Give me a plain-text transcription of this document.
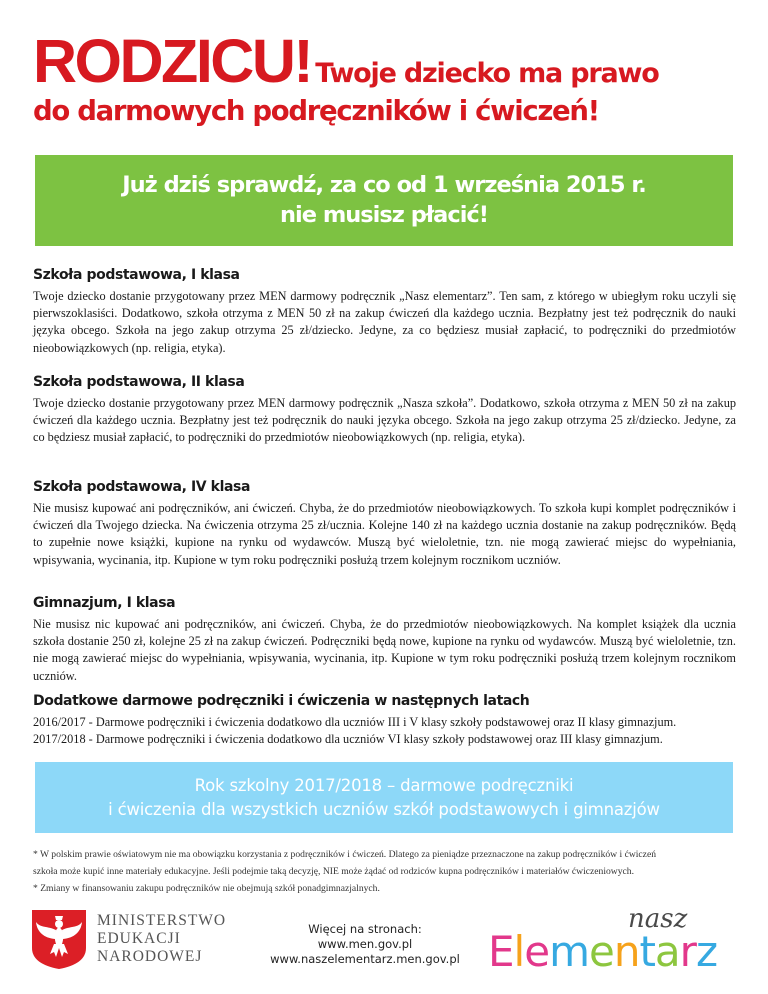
RODZICU! Twoje dziecko ma prawo
do darmowych podręczników i ćwiczeń!
Już dziś sprawdź, za co od 1 września 2015 r.
nie musisz płacić!
Szkoła podstawowa, I klasa
Twoje dziecko dostanie przygotowany przez MEN darmowy podręcznik „Nasz elementarz”. Ten sam, z którego w ubiegłym roku uczyli się pierwszoklasiści. Dodatkowo, szkoła otrzyma z MEN 50 zł na zakup ćwiczeń dla każdego ucznia. Bezpłatny jest też podręcznik do nauki języka obcego. Szkoła na jego zakup otrzyma 25 zł/dziecko. Jedyne, za co będziesz musiał zapłacić, to podręczniki do przedmiotów nieobowiązkowych (np. religia, etyka).
Szkoła podstawowa, II klasa
Twoje dziecko dostanie przygotowany przez MEN darmowy podręcznik „Nasza szkoła”. Dodatkowo, szkoła otrzyma z MEN 50 zł na zakup ćwiczeń dla każdego ucznia. Bezpłatny jest też podręcznik do nauki języka obcego. Szkoła na jego zakup otrzyma 25 zł/dziecko. Jedyne, za co będziesz musiał zapłacić, to podręczniki do przedmiotów nieobowiązkowych (np. religia, etyka).
Szkoła podstawowa, IV klasa
Nie musisz kupować ani podręczników, ani ćwiczeń. Chyba, że do przedmiotów nieobowiązkowych. To szkoła kupi komplet podręczników i ćwiczeń dla Twojego dziecka. Na ćwiczenia otrzyma 25 zł/ucznia. Kolejne 140 zł na każdego ucznia dostanie na zakup podręczników. Będą to zupełnie nowe książki, kupione na rynku od wydawców. Muszą być wieloletnie, tzn. nie mogą zawierać miejsc do wypełniania, wpisywania, wycinania, itp. Kupione w tym roku podręczniki posłużą trzem kolejnym rocznikom uczniów.
Gimnazjum, I klasa
Nie musisz nic kupować ani podręczników, ani ćwiczeń. Chyba, że do przedmiotów nieobowiązkowych. Na komplet książek dla ucznia szkoła dostanie 250 zł, kolejne 25 zł na zakup ćwiczeń. Podręczniki będą nowe, kupione na rynku od wydawców. Muszą być wieloletnie, tzn. nie mogą zawierać miejsc do wypełniania, wpisywania, wycinania, itp. Kupione w tym roku podręczniki posłużą trzem kolejnym rocznikom uczniów.
Dodatkowe darmowe podręczniki i ćwiczenia w następnych latach
2016/2017 - Darmowe podręczniki i ćwiczenia dodatkowo dla uczniów III i V klasy szkoły podstawowej oraz II klasy gimnazjum.
2017/2018 - Darmowe podręczniki i ćwiczenia dodatkowo dla uczniów VI klasy szkoły podstawowej oraz III klasy gimnazjum.
Rok szkolny 2017/2018 – darmowe podręczniki
i ćwiczenia dla wszystkich uczniów szkół podstawowych i gimnazjów
* W polskim prawie oświatowym nie ma obowiązku korzystania z podręczników i ćwiczeń. Dlatego za pieniądze przeznaczone na zakup podręczników i ćwiczeń
szkoła może kupić inne materiały edukacyjne. Jeśli podejmie taką decyzję, NIE może żądać od rodziców kupna podręczników i materiałów ćwiczeniowych.
* Zmiany w finansowaniu zakupu podręczników nie obejmują szkół ponadgimnazjalnych.
MINISTERSTWO
EDUKACJI
NARODOWEJ
Więcej na stronach:
www.men.gov.pl
www.naszelementarz.men.gov.pl
nasz
Elementarz
